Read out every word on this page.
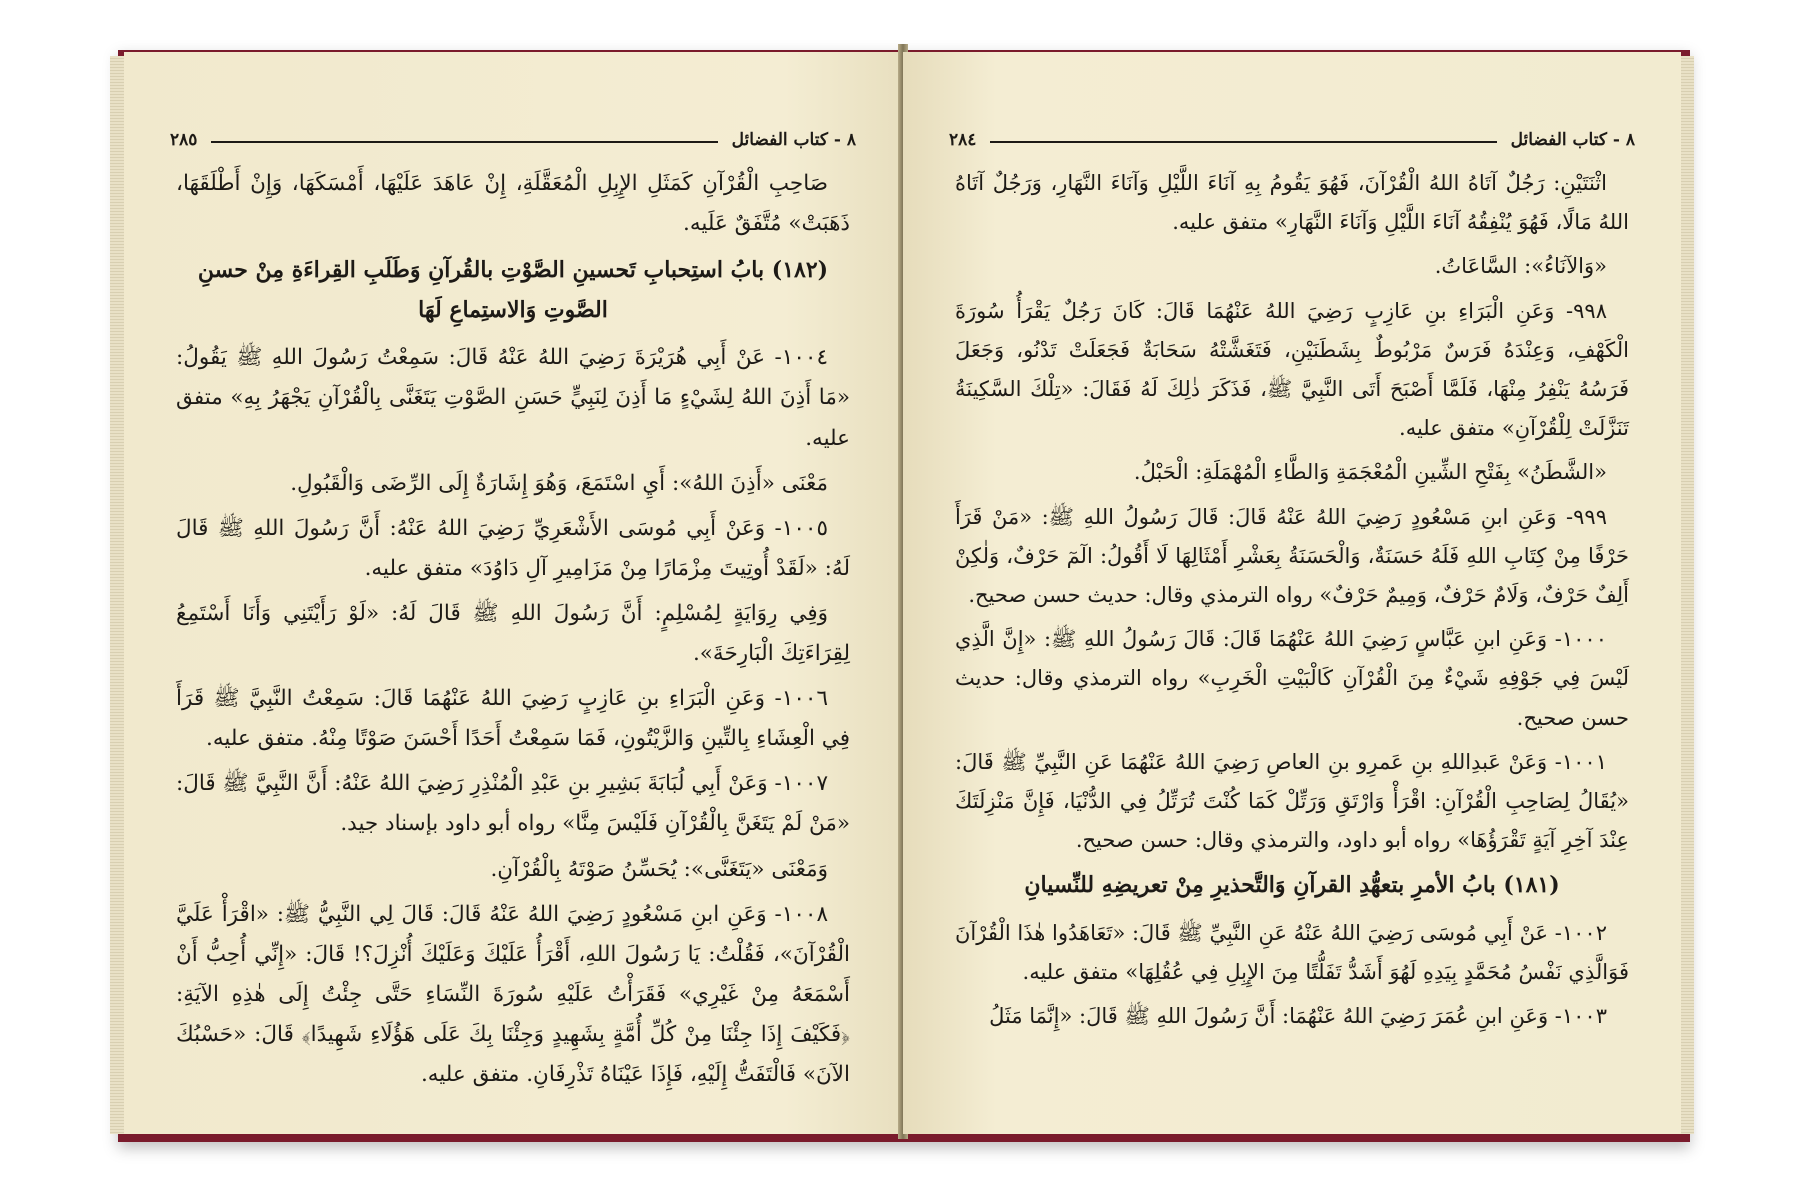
٨ - كتاب الفضائل
٢٨٥

صَاحِبِ الْقُرْآنِ كَمَثَلِ الإِبِلِ الْمُعَقَّلَةِ، إِنْ عَاهَدَ عَلَيْهَا، أَمْسَكَهَا، وَإِنْ أَطْلَقَهَا، ذَهَبَتْ» مُتَّفَقٌ عَلَيه.

(١٨٢) بابُ استِحبابِ تَحسينِ الصَّوْتِ بالقُرآنِ وَطَلَبِ القِراءَةِ مِنْ حسنِ الصَّوتِ وَالاستِماعِ لَهَا

١٠٠٤- عَنْ أَبِي هُرَيْرَةَ رَضِيَ اللهُ عَنْهُ قَالَ: سَمِعْتُ رَسُولَ اللهِ ﷺ يَقُولُ: «مَا أَذِنَ اللهُ لِشَيْءٍ مَا أَذِنَ لِنَبِيٍّ حَسَنِ الصَّوْتِ يَتَغَنَّى بِالْقُرْآنِ يَجْهَرُ بِهِ» متفق عليه.

مَعْنَى «أَذِنَ اللهُ»: أَيِ اسْتَمَعَ، وَهُوَ إِشَارَةٌ إِلَى الرِّضَى وَالْقَبُولِ.

١٠٠٥- وَعَنْ أَبِي مُوسَى الأَشْعَرِيِّ رَضِيَ اللهُ عَنْهُ: أَنَّ رَسُولَ اللهِ ﷺ قَالَ لَهُ: «لَقَدْ أُوتِيتَ مِزْمَارًا مِنْ مَزَامِيرِ آلِ دَاوُدَ» متفق عليه.

وَفِي رِوَايَةٍ لِمُسْلِمٍ: أَنَّ رَسُولَ اللهِ ﷺ قَالَ لَهُ: «لَوْ رَأَيْتَنِي وَأَنَا أَسْتَمِعُ لِقِرَاءَتِكَ الْبَارِحَةَ».

١٠٠٦- وَعَنِ الْبَرَاءِ بنِ عَازِبٍ رَضِيَ اللهُ عَنْهُمَا قَالَ: سَمِعْتُ النَّبِيَّ ﷺ قَرَأَ فِي الْعِشَاءِ بِالتِّينِ وَالزَّيْتُونِ، فَمَا سَمِعْتُ أَحَدًا أَحْسَنَ صَوْتًا مِنْهُ. متفق عليه.

١٠٠٧- وَعَنْ أَبِي لُبَابَةَ بَشِيرِ بنِ عَبْدِ الْمُنْذِرِ رَضِيَ اللهُ عَنْهُ: أَنَّ النَّبِيَّ ﷺ قَالَ: «مَنْ لَمْ يَتَغَنَّ بِالْقُرْآنِ فَلَيْسَ مِنَّا» رواه أبو داود بإسناد جيد.

وَمَعْنَى «يَتَغَنَّى»: يُحَسِّنُ صَوْتَهُ بِالْقُرْآنِ.

١٠٠٨- وَعَنِ ابنِ مَسْعُودٍ رَضِيَ اللهُ عَنْهُ قَالَ: قَالَ لِي النَّبِيُّ ﷺ: «اقْرَأْ عَلَيَّ الْقُرْآنَ»، فَقُلْتُ: يَا رَسُولَ اللهِ، أَقْرَأُ عَلَيْكَ وَعَلَيْكَ أُنْزِلَ؟! قَالَ: «إِنِّي أُحِبُّ أَنْ أَسْمَعَهُ مِنْ غَيْرِي» فَقَرَأْتُ عَلَيْهِ سُورَةَ النِّسَاءِ حَتَّى جِئْتُ إِلَى هٰذِهِ الآيَةِ: ﴿فَكَيْفَ إِذَا جِئْنَا مِنْ كُلِّ أُمَّةٍ بِشَهِيدٍ وَجِئْنَا بِكَ عَلَى هَؤُلَاءِ شَهِيدًا﴾ قَالَ: «حَسْبُكَ الآنَ» فَالْتَفَتُّ إِلَيْهِ، فَإِذَا عَيْنَاهُ تَذْرِفَانِ. متفق عليه.

٨ - كتاب الفضائل
٢٨٤

اثْنَتَيْنِ: رَجُلٌ آتَاهُ اللهُ الْقُرْآنَ، فَهُوَ يَقُومُ بِهِ آنَاءَ اللَّيْلِ وَآنَاءَ النَّهَارِ، وَرَجُلٌ آتَاهُ اللهُ مَالًا، فَهُوَ يُنْفِقُهُ آنَاءَ اللَّيْلِ وَآنَاءَ النَّهَارِ» متفق عليه.

«وَالآنَاءُ»: السَّاعَاتُ.

٩٩٨- وَعَنِ الْبَرَاءِ بنِ عَازِبٍ رَضِيَ اللهُ عَنْهُمَا قَالَ: كَانَ رَجُلٌ يَقْرَأُ سُورَةَ الْكَهْفِ، وَعِنْدَهُ فَرَسٌ مَرْبُوطٌ بِشَطَنَيْنِ، فَتَغَشَّتْهُ سَحَابَةٌ فَجَعَلَتْ تَدْنُو، وَجَعَلَ فَرَسُهُ يَنْفِرُ مِنْهَا، فَلَمَّا أَصْبَحَ أَتَى النَّبِيَّ ﷺ، فَذَكَرَ ذٰلِكَ لَهُ فَقَالَ: «تِلْكَ السَّكِينَةُ تَنَزَّلَتْ لِلْقُرْآنِ» متفق عليه.

«الشَّطَنُ» بِفَتْحِ الشِّينِ الْمُعْجَمَةِ وَالطَّاءِ الْمُهْمَلَةِ: الْحَبْلُ.

٩٩٩- وَعَنِ ابنِ مَسْعُودٍ رَضِيَ اللهُ عَنْهُ قَالَ: قَالَ رَسُولُ اللهِ ﷺ: «مَنْ قَرَأَ حَرْفًا مِنْ كِتَابِ اللهِ فَلَهُ حَسَنَةٌ، وَالْحَسَنَةُ بِعَشْرِ أَمْثَالِهَا لَا أَقُولُ: الٓمٓ حَرْفٌ، وَلٰكِنْ أَلِفٌ حَرْفٌ، وَلَامٌ حَرْفٌ، وَمِيمٌ حَرْفٌ» رواه الترمذي وقال: حديث حسن صحيح.

١٠٠٠- وَعَنِ ابنِ عَبَّاسٍ رَضِيَ اللهُ عَنْهُمَا قَالَ: قَالَ رَسُولُ اللهِ ﷺ: «إِنَّ الَّذِي لَيْسَ فِي جَوْفِهِ شَيْءٌ مِنَ الْقُرْآنِ كَالْبَيْتِ الْخَرِبِ» رواه الترمذي وقال: حديث حسن صحيح.

١٠٠١- وَعَنْ عَبدِاللهِ بنِ عَمرِو بنِ العاصِ رَضِيَ اللهُ عَنْهُمَا عَنِ النَّبِيِّ ﷺ قَالَ: «يُقَالُ لِصَاحِبِ الْقُرْآنِ: اقْرَأْ وَارْتَقِ وَرَتِّلْ كَمَا كُنْتَ تُرَتِّلُ فِي الدُّنْيَا، فَإِنَّ مَنْزِلَتَكَ عِنْدَ آخِرِ آيَةٍ تَقْرَؤُهَا» رواه أبو داود، والترمذي وقال: حسن صحيح.

(١٨١) بابُ الأمرِ بتعهُّدِ القرآنِ وَالتَّحذيرِ مِنْ تعريضِهِ للنِّسيانِ

١٠٠٢- عَنْ أَبِي مُوسَى رَضِيَ اللهُ عَنْهُ عَنِ النَّبِيِّ ﷺ قَالَ: «تَعَاهَدُوا هٰذَا الْقُرْآنَ فَوَالَّذِي نَفْسُ مُحَمَّدٍ بِيَدِهِ لَهُوَ أَشَدُّ تَفَلُّتًا مِنَ الإِبِلِ فِي عُقُلِهَا» متفق عليه.

١٠٠٣- وَعَنِ ابنِ عُمَرَ رَضِيَ اللهُ عَنْهُمَا: أَنَّ رَسُولَ اللهِ ﷺ قَالَ: «إِنَّمَا مَثَلُ
